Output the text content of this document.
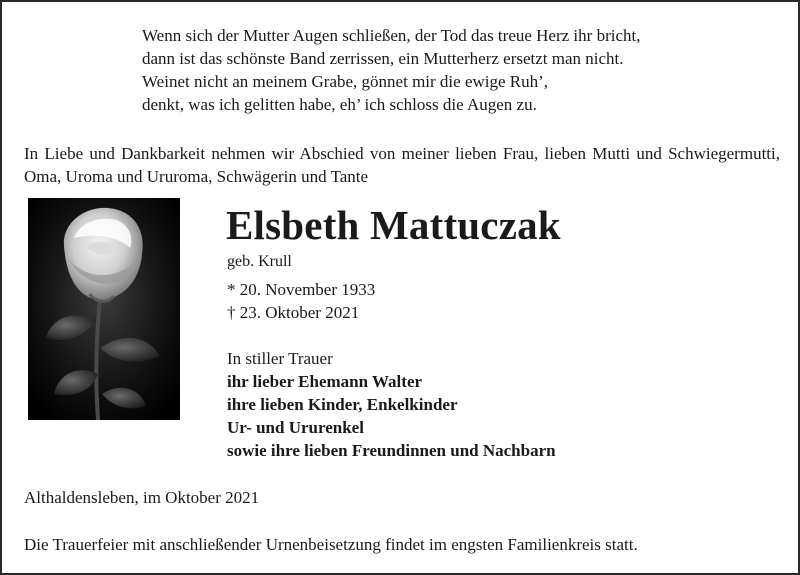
Wenn sich der Mutter Augen schließen, der Tod das treue Herz ihr bricht,
dann ist das schönste Band zerrissen, ein Mutterherz ersetzt man nicht.
Weinet nicht an meinem Grabe, gönnet mir die ewige Ruh’,
denkt, was ich gelitten habe, eh’ ich schloss die Augen zu.
In Liebe und Dankbarkeit nehmen wir Abschied von meiner lieben Frau, lieben Mutti und Schwiegermutti, Oma, Uroma und Ururoma, Schwägerin und Tante
Elsbeth Mattuczak
geb. Krull
* 20. November 1933
† 23. Oktober 2021
In stiller Trauer
ihr lieber Ehemann Walter
ihre lieben Kinder, Enkelkinder
Ur- und Ururenkel
sowie ihre lieben Freundinnen und Nachbarn
Althaldensleben, im Oktober 2021
Die Trauerfeier mit anschließender Urnenbeisetzung findet im engsten Familienkreis statt.
